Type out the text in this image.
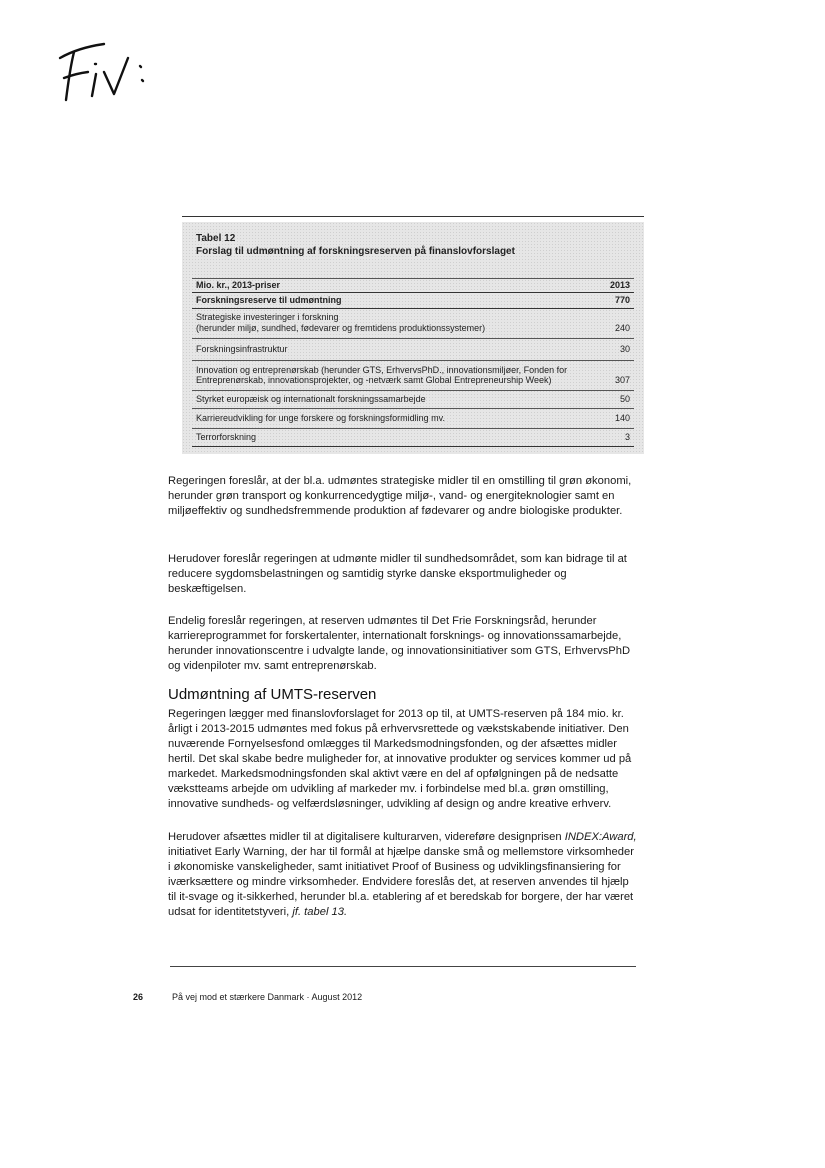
Tabel 12
Forslag til udmøntning af forskningsreserven på finanslovforslaget
Mio. kr., 2013-priser	2013
Forskningsreserve til udmøntning	770
Strategiske investeringer i forskning
(herunder miljø, sundhed, fødevarer og fremtidens produktionssystemer)	240
Forskningsinfrastruktur	30
Innovation og entreprenørskab (herunder GTS, ErhvervsPhD., innovationsmiljøer, Fonden for
Entreprenørskab, innovationsprojekter, og -netværk samt Global Entrepreneurship Week)	307
Styrket europæisk og internationalt forskningssamarbejde	50
Karriereudvikling for unge forskere og forskningsformidling mv.	140
Terrorforskning	3

Regeringen foreslår, at der bl.a. udmøntes strategiske midler til en omstilling til grøn økonomi, herunder grøn transport og konkurrencedygtige miljø-, vand- og energiteknologier samt en miljøeffektiv og sundhedsfremmende produktion af fødevarer og andre biologiske produkter.

Herudover foreslår regeringen at udmønte midler til sundhedsområdet, som kan bidrage til at reducere sygdomsbelastningen og samtidig styrke danske eksportmuligheder og beskæftigelsen.

Endelig foreslår regeringen, at reserven udmøntes til Det Frie Forskningsråd, herunder karriereprogrammet for forskertalenter, internationalt forsknings- og innovationssamarbejde, herunder innovationscentre i udvalgte lande, og innovationsinitiativer som GTS, ErhvervsPhD og videnpiloter mv. samt entreprenørskab.

Udmøntning af UMTS-reserven

Regeringen lægger med finanslovforslaget for 2013 op til, at UMTS-reserven på 184 mio. kr. årligt i 2013-2015 udmøntes med fokus på erhvervsrettede og vækstskabende initiativer. Den nuværende Fornyelsesfond omlægges til Markedsmodningsfonden, og der afsættes midler hertil. Det skal skabe bedre muligheder for, at innovative produkter og services kommer ud på markedet. Markedsmodningsfonden skal aktivt være en del af opfølgningen på de nedsatte vækstteams arbejde om udvikling af markeder mv. i forbindelse med bl.a. grøn omstilling, innovative sundheds- og velfærdsløsninger, udvikling af design og andre kreative erhverv.

Herudover afsættes midler til at digitalisere kulturarven, videreføre designprisen INDEX:Award, initiativet Early Warning, der har til formål at hjælpe danske små og mellemstore virksomheder i økonomiske vanskeligheder, samt initiativet Proof of Business og udviklingsfinansiering for iværksættere og mindre virksomheder. Endvidere foreslås det, at reserven anvendes til hjælp til it-svage og it-sikkerhed, herunder bl.a. etablering af et beredskab for borgere, der har været udsat for identitetstyveri, jf. tabel 13.

26	På vej mod et stærkere Danmark · August 2012
